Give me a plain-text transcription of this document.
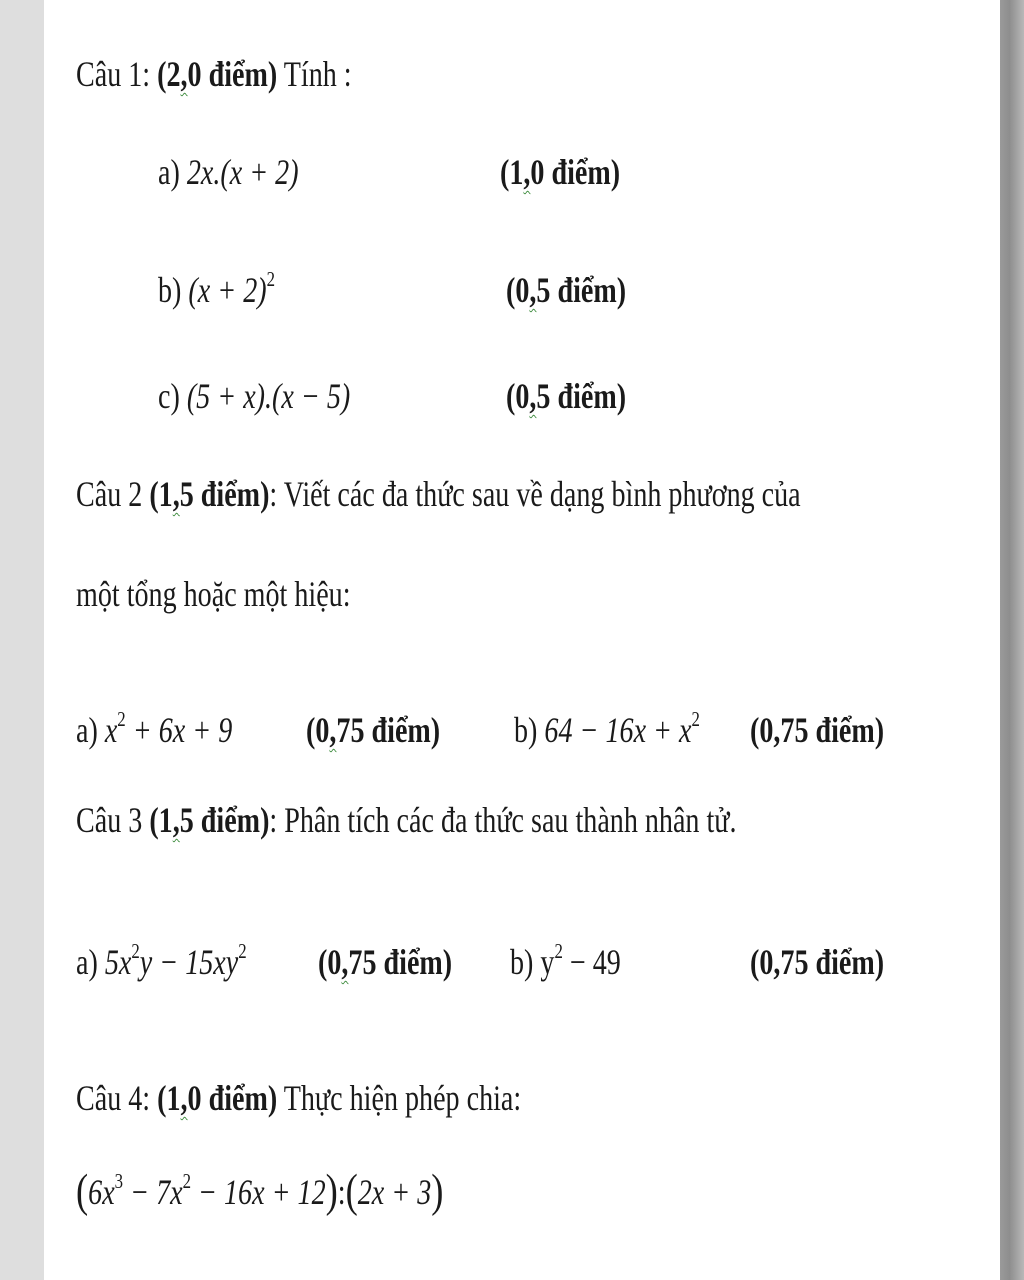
Câu 1: (2,0 điểm) Tính :

a) 2x.(x + 2)	(1,0 điểm)

b) $(x + 2)^2$	(0,5 điểm)

c) (5 + x).(x − 5)	(0,5 điểm)

Câu 2 (1,5 điểm): Viết các đa thức sau về dạng bình phương của

một tổng hoặc một hiệu:

a) $x^2 + 6x + 9$ (0,75 điểm) b) $64 - 16x + x^2$ (0,75 điểm)

Câu 3 (1,5 điểm): Phân tích các đa thức sau thành nhân tử.

a) $5x^2y - 15xy^2$ (0,75 điểm) b) $y^2 - 49$	(0,75 điểm)

Câu 4: (1,0 điểm) Thực hiện phép chia:

($6x^3 - 7x^2 - 16x$ + 12):(2x + 3)
